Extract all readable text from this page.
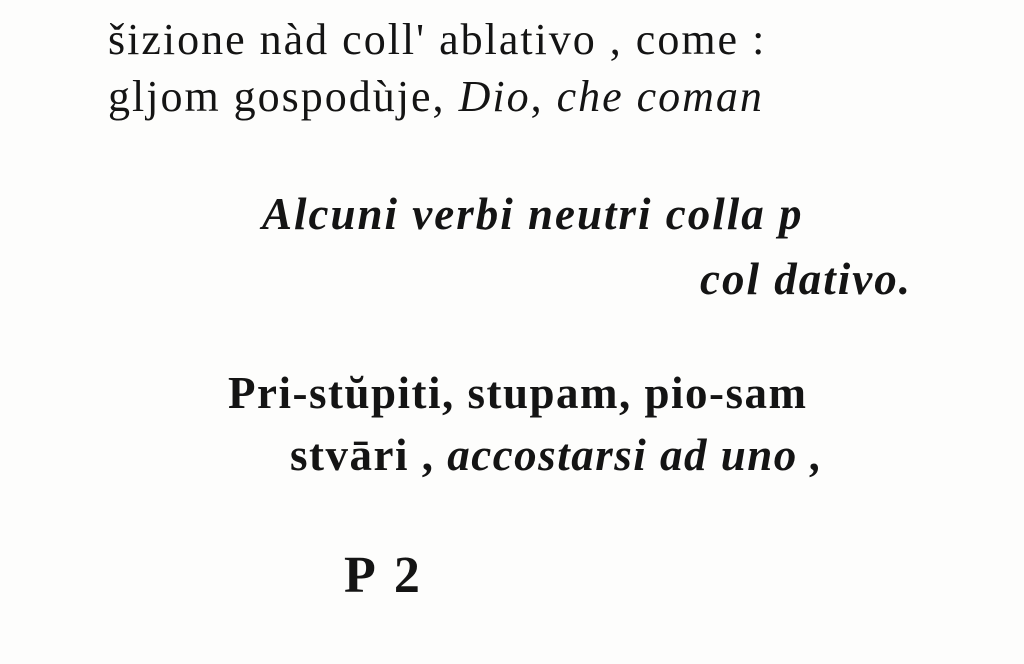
šizione nàd coll' ablativo , come :

gljom gospodùje, Dio, che coman

Alcuni verbi neutri colla p

col dativo.

Pri-stŭpiti, stupam, pio-sam

stvāri , accostarsi ad uno ,

P 2
